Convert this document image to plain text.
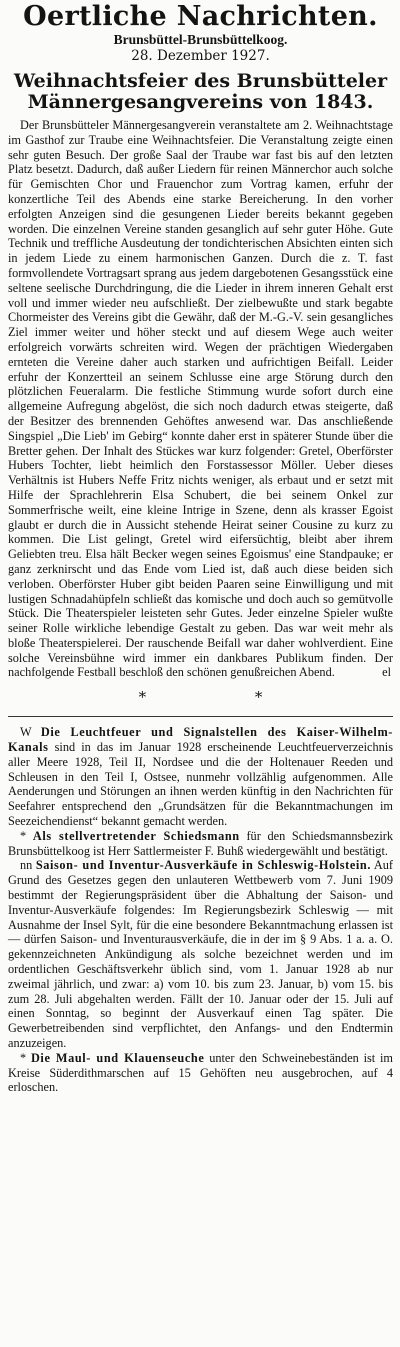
Oertliche Nachrichten.
Brunsbüttel-Brunsbüttelkoog.
28. Dezember 1927.
Weihnachtsfeier des Brunsbütteler
Männergesangvereins von 1843.

Der Brunsbütteler Männergesangverein veranstaltete am 2. Weihnachtstage im Gasthof zur Traube eine Weihnachtsfeier. Die Veranstaltung zeigte einen sehr guten Besuch. Der große Saal der Traube war fast bis auf den letzten Platz besetzt. Dadurch, daß außer Liedern für reinen Männerchor auch solche für Gemischten Chor und Frauenchor zum Vortrag kamen, erfuhr der konzertliche Teil des Abends eine starke Bereicherung. In den vorher erfolgten Anzeigen sind die gesungenen Lieder bereits bekannt gegeben worden. Die einzelnen Vereine standen gesanglich auf sehr guter Höhe. Gute Technik und treffliche Ausdeutung der tondichterischen Absichten einten sich in jedem Liede zu einem harmonischen Ganzen. Durch die z. T. fast formvollendete Vortragsart sprang aus jedem dargebotenen Gesangsstück eine seltene seelische Durchdringung, die die Lieder in ihrem inneren Gehalt erst voll und immer wieder neu aufschließt. Der zielbewußte und stark begabte Chormeister des Vereins gibt die Gewähr, daß der M.-G.-V. sein gesangliches Ziel immer weiter und höher steckt und auf diesem Wege auch weiter erfolgreich vorwärts schreiten wird. Wegen der prächtigen Wiedergaben ernteten die Vereine daher auch starken und aufrichtigen Beifall. Leider erfuhr der Konzertteil an seinem Schlusse eine arge Störung durch den plötzlichen Feueralarm. Die festliche Stimmung wurde sofort durch eine allgemeine Aufregung abgelöst, die sich noch dadurch etwas steigerte, daß der Besitzer des brennenden Gehöftes anwesend war. Das anschließende Singspiel „Die Lieb' im Gebirg“ konnte daher erst in späterer Stunde über die Bretter gehen. Der Inhalt des Stückes war kurz folgender: Gretel, Oberförster Hubers Tochter, liebt heimlich den Forstassessor Möller. Ueber dieses Verhältnis ist Hubers Neffe Fritz nichts weniger, als erbaut und er setzt mit Hilfe der Sprachlehrerin Elsa Schubert, die bei seinem Onkel zur Sommerfrische weilt, eine kleine Intrige in Szene, denn als krasser Egoist glaubt er durch die in Aussicht stehende Heirat seiner Cousine zu kurz zu kommen. Die List gelingt, Gretel wird eifersüchtig, bleibt aber ihrem Geliebten treu. Elsa hält Becker wegen seines Egoismus' eine Standpauke; er ganz zerknirscht und das Ende vom Lied ist, daß auch diese beiden sich verloben. Oberförster Huber gibt beiden Paaren seine Einwilligung und mit lustigen Schnadahüpfeln schließt das komische und doch auch so gemütvolle Stück. Die Theaterspieler leisteten sehr Gutes. Jeder einzelne Spieler wußte seiner Rolle wirkliche lebendige Gestalt zu geben. Das war weit mehr als bloße Theaterspielerei. Der rauschende Beifall war daher wohlverdient. Eine solche Vereinsbühne wird immer ein dankbares Publikum finden. Der nachfolgende Festball beschloß den schönen genußreichen Abend.	el
* *

W Die Leuchtfeuer und Signalstellen des Kaiser-Wilhelm-Kanals sind in das im Januar 1928 erscheinende Leuchtfeuerverzeichnis aller Meere 1928, Teil II, Nordsee und die der Holtenauer Reeden und Schleusen in den Teil I, Ostsee, nunmehr vollzählig aufgenommen. Alle Aenderungen und Störungen an ihnen werden künftig in den Nachrichten für Seefahrer entsprechend den „Grundsätzen für die Bekanntmachungen im Seezeichendienst“ bekannt gemacht werden.

* Als stellvertretender Schiedsmann für den Schiedsmannsbezirk Brunsbüttelkoog ist Herr Sattlermeister F. Buhß wiedergewählt und bestätigt.

nn Saison- und Inventur-Ausverkäufe in Schleswig-Holstein. Auf Grund des Gesetzes gegen den unlauteren Wettbewerb vom 7. Juni 1909 bestimmt der Regierungspräsident über die Abhaltung der Saison- und Inventur-Ausverkäufe folgendes: Im Regierungsbezirk Schleswig — mit Ausnahme der Insel Sylt, für die eine besondere Bekanntmachung erlassen ist — dürfen Saison- und Inventurausverkäufe, die in der im § 9 Abs. 1 a. a. O. gekennzeichneten Ankündigung als solche bezeichnet werden und im ordentlichen Geschäftsverkehr üblich sind, vom 1. Januar 1928 ab nur zweimal jährlich, und zwar: a) vom 10. bis zum 23. Januar, b) vom 15. bis zum 28. Juli abgehalten werden. Fällt der 10. Januar oder der 15. Juli auf einen Sonntag, so beginnt der Ausverkauf einen Tag später. Die Gewerbetreibenden sind verpflichtet, den Anfangs- und den Endtermin anzuzeigen.

* Die Maul- und Klauenseuche unter den Schweinebeständen ist im Kreise Süderdithmarschen auf 15 Gehöften neu ausgebrochen, auf 4 erloschen.
